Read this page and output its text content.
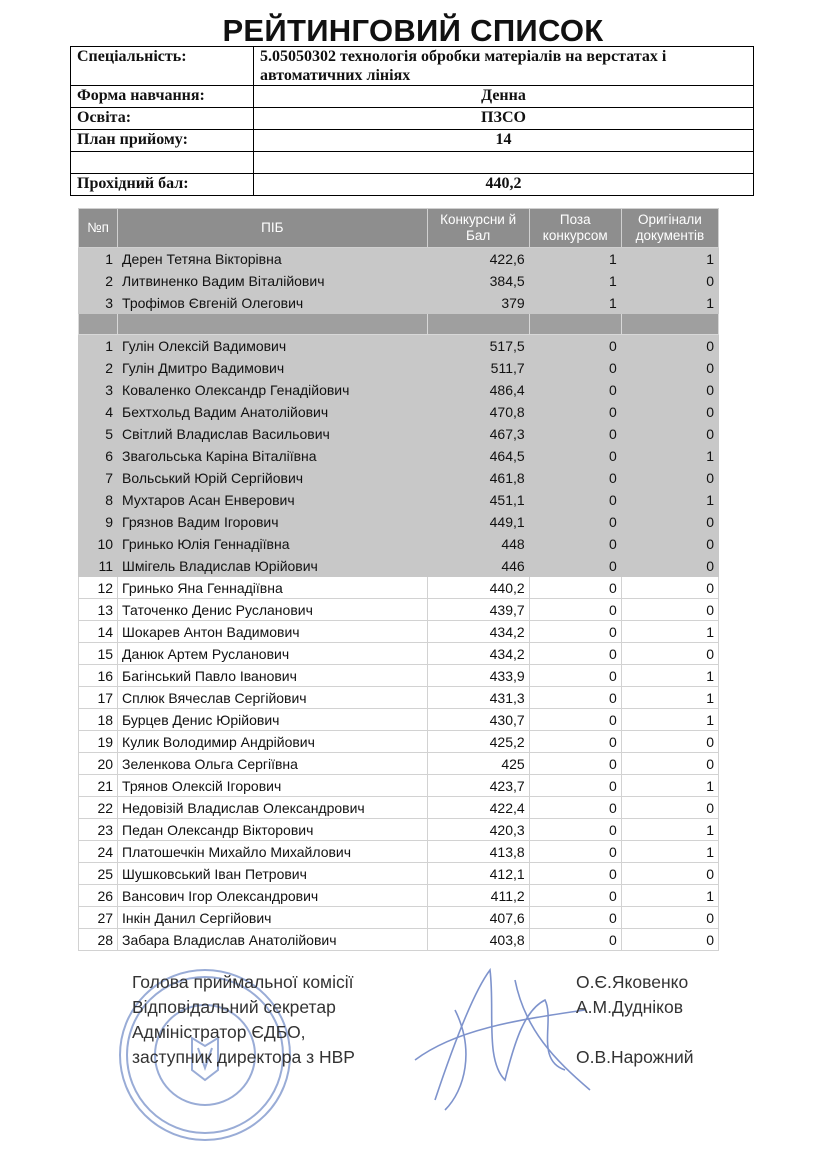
РЕЙТИНГОВИЙ СПИСОК
Спеціальність:	5.05050302 технологія обробки матеріалів на верстатах і автоматичних лініях
Форма навчання:	Денна
Освіта:	ПЗСО
План прийому:	14

Прохідний бал:	440,2
№п	ПІБ	Конкурсни й Бал	Поза конкурсом	Оригінали документів
1	Дерен Тетяна Вікторівна	422,6	1	1
2	Литвиненко Вадим Віталійович	384,5	1	0
3	Трофімов Євгеній Олегович	379	1	1

1	Гулін Олексій Вадимович	517,5	0	0
2	Гулін Дмитро Вадимович	511,7	0	0
3	Коваленко Олександр Генадійович	486,4	0	0
4	Бехтхольд Вадим Анатолійович	470,8	0	0
5	Світлий Владислав Васильович	467,3	0	0
6	Звагольська Каріна Віталіївна	464,5	0	1
7	Вольський Юрій Сергійович	461,8	0	0
8	Мухтаров Асан Енверович	451,1	0	1
9	Грязнов Вадим Ігорович	449,1	0	0
10	Гринько Юлія Геннадіївна	448	0	0
11	Шмігель Владислав Юрійович	446	0	0
12	Гринько Яна Геннадіївна	440,2	0	0
13	Таточенко Денис Русланович	439,7	0	0
14	Шокарев Антон Вадимович	434,2	0	1
15	Данюк Артем Русланович	434,2	0	0
16	Багінський Павло Іванович	433,9	0	1
17	Сплюк Вячеслав Сергійович	431,3	0	1
18	Бурцев Денис Юрійович	430,7	0	1
19	Кулик Володимир Андрійович	425,2	0	0
20	Зеленкова Ольга Сергіївна	425	0	0
21	Трянов Олексій Ігорович	423,7	0	1
22	Недовізій Владислав Олександрович	422,4	0	0
23	Педан Олександр Вікторович	420,3	0	1
24	Платошечкін Михайло Михайлович	413,8	0	1
25	Шушковський Іван Петрович	412,1	0	0
26	Вансович Ігор Олександрович	411,2	0	1
27	Інкін Данил Сергійович	407,6	0	0
28	Забара Владислав Анатолійович	403,8	0	0
Голова приймальної комісії
Відповідальний секретар
Адміністратор ЄДБО,
заступник директора з НВР
О.Є.Яковенко
А.М.Дудніков
О.В.Нарожний
